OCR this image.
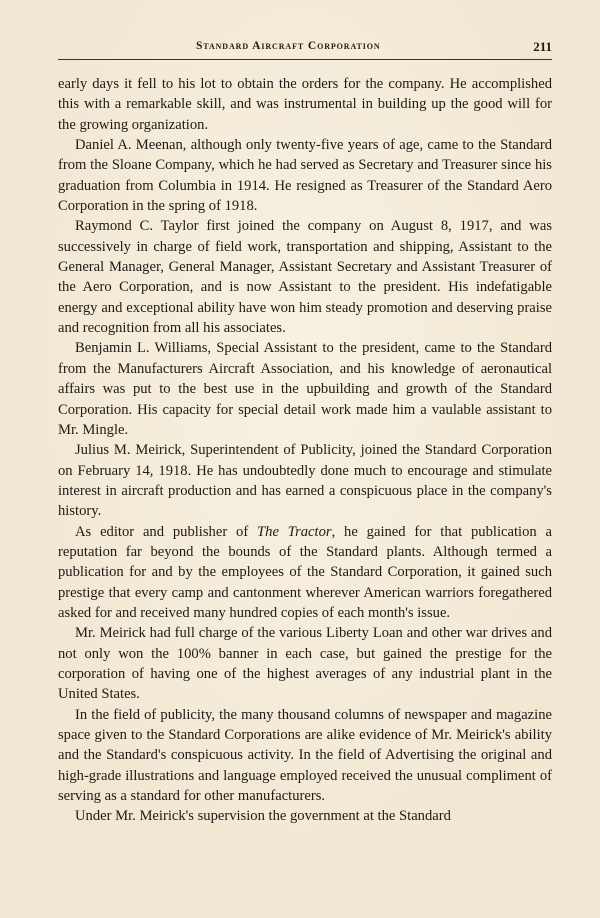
Standard Aircraft Corporation	211

early days it fell to his lot to obtain the orders for the company. He accomplished this with a remarkable skill, and was instrumental in building up the good will for the growing organization.

Daniel A. Meenan, although only twenty-five years of age, came to the Standard from the Sloane Company, which he had served as Secretary and Treasurer since his graduation from Columbia in 1914. He resigned as Treasurer of the Standard Aero Corporation in the spring of 1918.

Raymond C. Taylor first joined the company on August 8, 1917, and was successively in charge of field work, transportation and shipping, Assistant to the General Manager, General Manager, Assistant Secretary and Assistant Treasurer of the Aero Corporation, and is now Assistant to the president. His indefatigable energy and exceptional ability have won him steady promotion and deserving praise and recognition from all his associates.

Benjamin L. Williams, Special Assistant to the president, came to the Standard from the Manufacturers Aircraft Association, and his knowledge of aeronautical affairs was put to the best use in the upbuilding and growth of the Standard Corporation. His capacity for special detail work made him a vaulable assistant to Mr. Mingle.

Julius M. Meirick, Superintendent of Publicity, joined the Standard Corporation on February 14, 1918. He has undoubtedly done much to encourage and stimulate interest in aircraft production and has earned a conspicuous place in the company's history.

As editor and publisher of The Tractor, he gained for that publication a reputation far beyond the bounds of the Standard plants. Although termed a publication for and by the employees of the Standard Corporation, it gained such prestige that every camp and cantonment wherever American warriors foregathered asked for and received many hundred copies of each month's issue.

Mr. Meirick had full charge of the various Liberty Loan and other war drives and not only won the 100% banner in each case, but gained the prestige for the corporation of having one of the highest averages of any industrial plant in the United States.

In the field of publicity, the many thousand columns of newspaper and magazine space given to the Standard Corporations are alike evidence of Mr. Meirick's ability and the Standard's conspicuous activity. In the field of Advertising the original and high-grade illustrations and language employed received the unusual compliment of serving as a standard for other manufacturers.

Under Mr. Meirick's supervision the government at the Standard
